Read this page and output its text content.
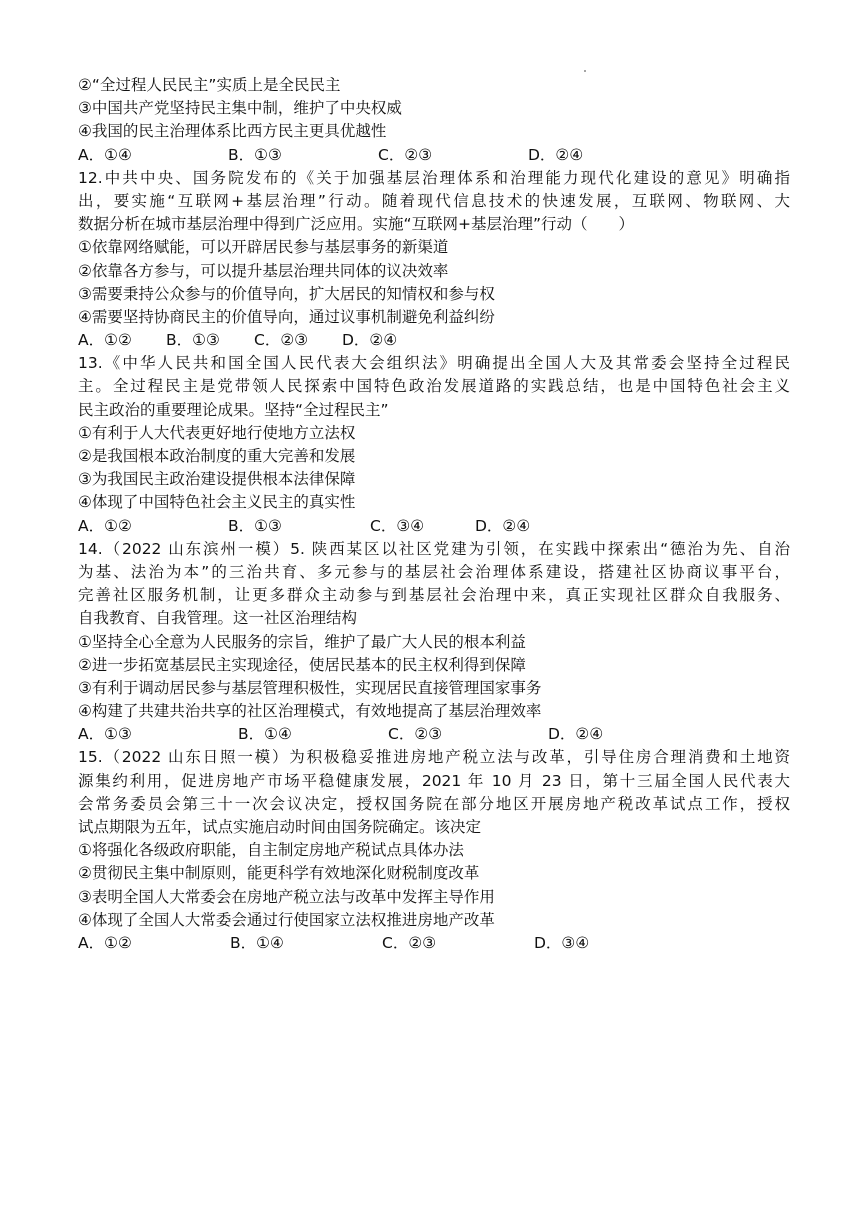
②“全过程人民民主”实质上是全民民主
③中国共产党坚持民主集中制，维护了中央权威
④我国的民主治理体系比西方民主更具优越性
A．①④	B．①③	C．②③	D．②④
12.中共中央、国务院发布的《关于加强基层治理体系和治理能力现代化建设的意见》明确指
出，要实施“互联网+基层治理”行动。随着现代信息技术的快速发展，互联网、物联网、大
数据分析在城市基层治理中得到广泛应用。实施“互联网+基层治理”行动（　　）
①依靠网络赋能，可以开辟居民参与基层事务的新渠道
②依靠各方参与，可以提升基层治理共同体的议决效率
③需要秉持公众参与的价值导向，扩大居民的知情权和参与权
④需要坚持协商民主的价值导向，通过议事机制避免利益纠纷
A．①②	B．①③	C．②③	D．②④
13.《中华人民共和国全国人民代表大会组织法》明确提出全国人大及其常委会坚持全过程民
主。全过程民主是党带领人民探索中国特色政治发展道路的实践总结，也是中国特色社会主义
民主政治的重要理论成果。坚持“全过程民主”
①有利于人大代表更好地行使地方立法权
②是我国根本政治制度的重大完善和发展
③为我国民主政治建设提供根本法律保障
④体现了中国特色社会主义民主的真实性
A．①②	B．①③	C．③④	D．②④
14.（2022 山东滨州一模）5. 陕西某区以社区党建为引领，在实践中探索出“德治为先、自治
为基、法治为本”的三治共育、多元参与的基层社会治理体系建设，搭建社区协商议事平台，
完善社区服务机制，让更多群众主动参与到基层社会治理中来，真正实现社区群众自我服务、
自我教育、自我管理。这一社区治理结构
①坚持全心全意为人民服务的宗旨，维护了最广大人民的根本利益
②进一步拓宽基层民主实现途径，使居民基本的民主权利得到保障
③有利于调动居民参与基层管理积极性，实现居民直接管理国家事务
④构建了共建共治共享的社区治理模式，有效地提高了基层治理效率
A．①③	B．①④	C．②③	D．②④
15.（2022 山东日照一模）为积极稳妥推进房地产税立法与改革，引导住房合理消费和土地资
源集约利用，促进房地产市场平稳健康发展，2021 年 10 月 23 日，第十三届全国人民代表大
会常务委员会第三十一次会议决定，授权国务院在部分地区开展房地产税改革试点工作，授权
试点期限为五年，试点实施启动时间由国务院确定。该决定
①将强化各级政府职能，自主制定房地产税试点具体办法
②贯彻民主集中制原则，能更科学有效地深化财税制度改革
③表明全国人大常委会在房地产税立法与改革中发挥主导作用
④体现了全国人大常委会通过行使国家立法权推进房地产改革
A．①②	B．①④	C．②③	D．③④
